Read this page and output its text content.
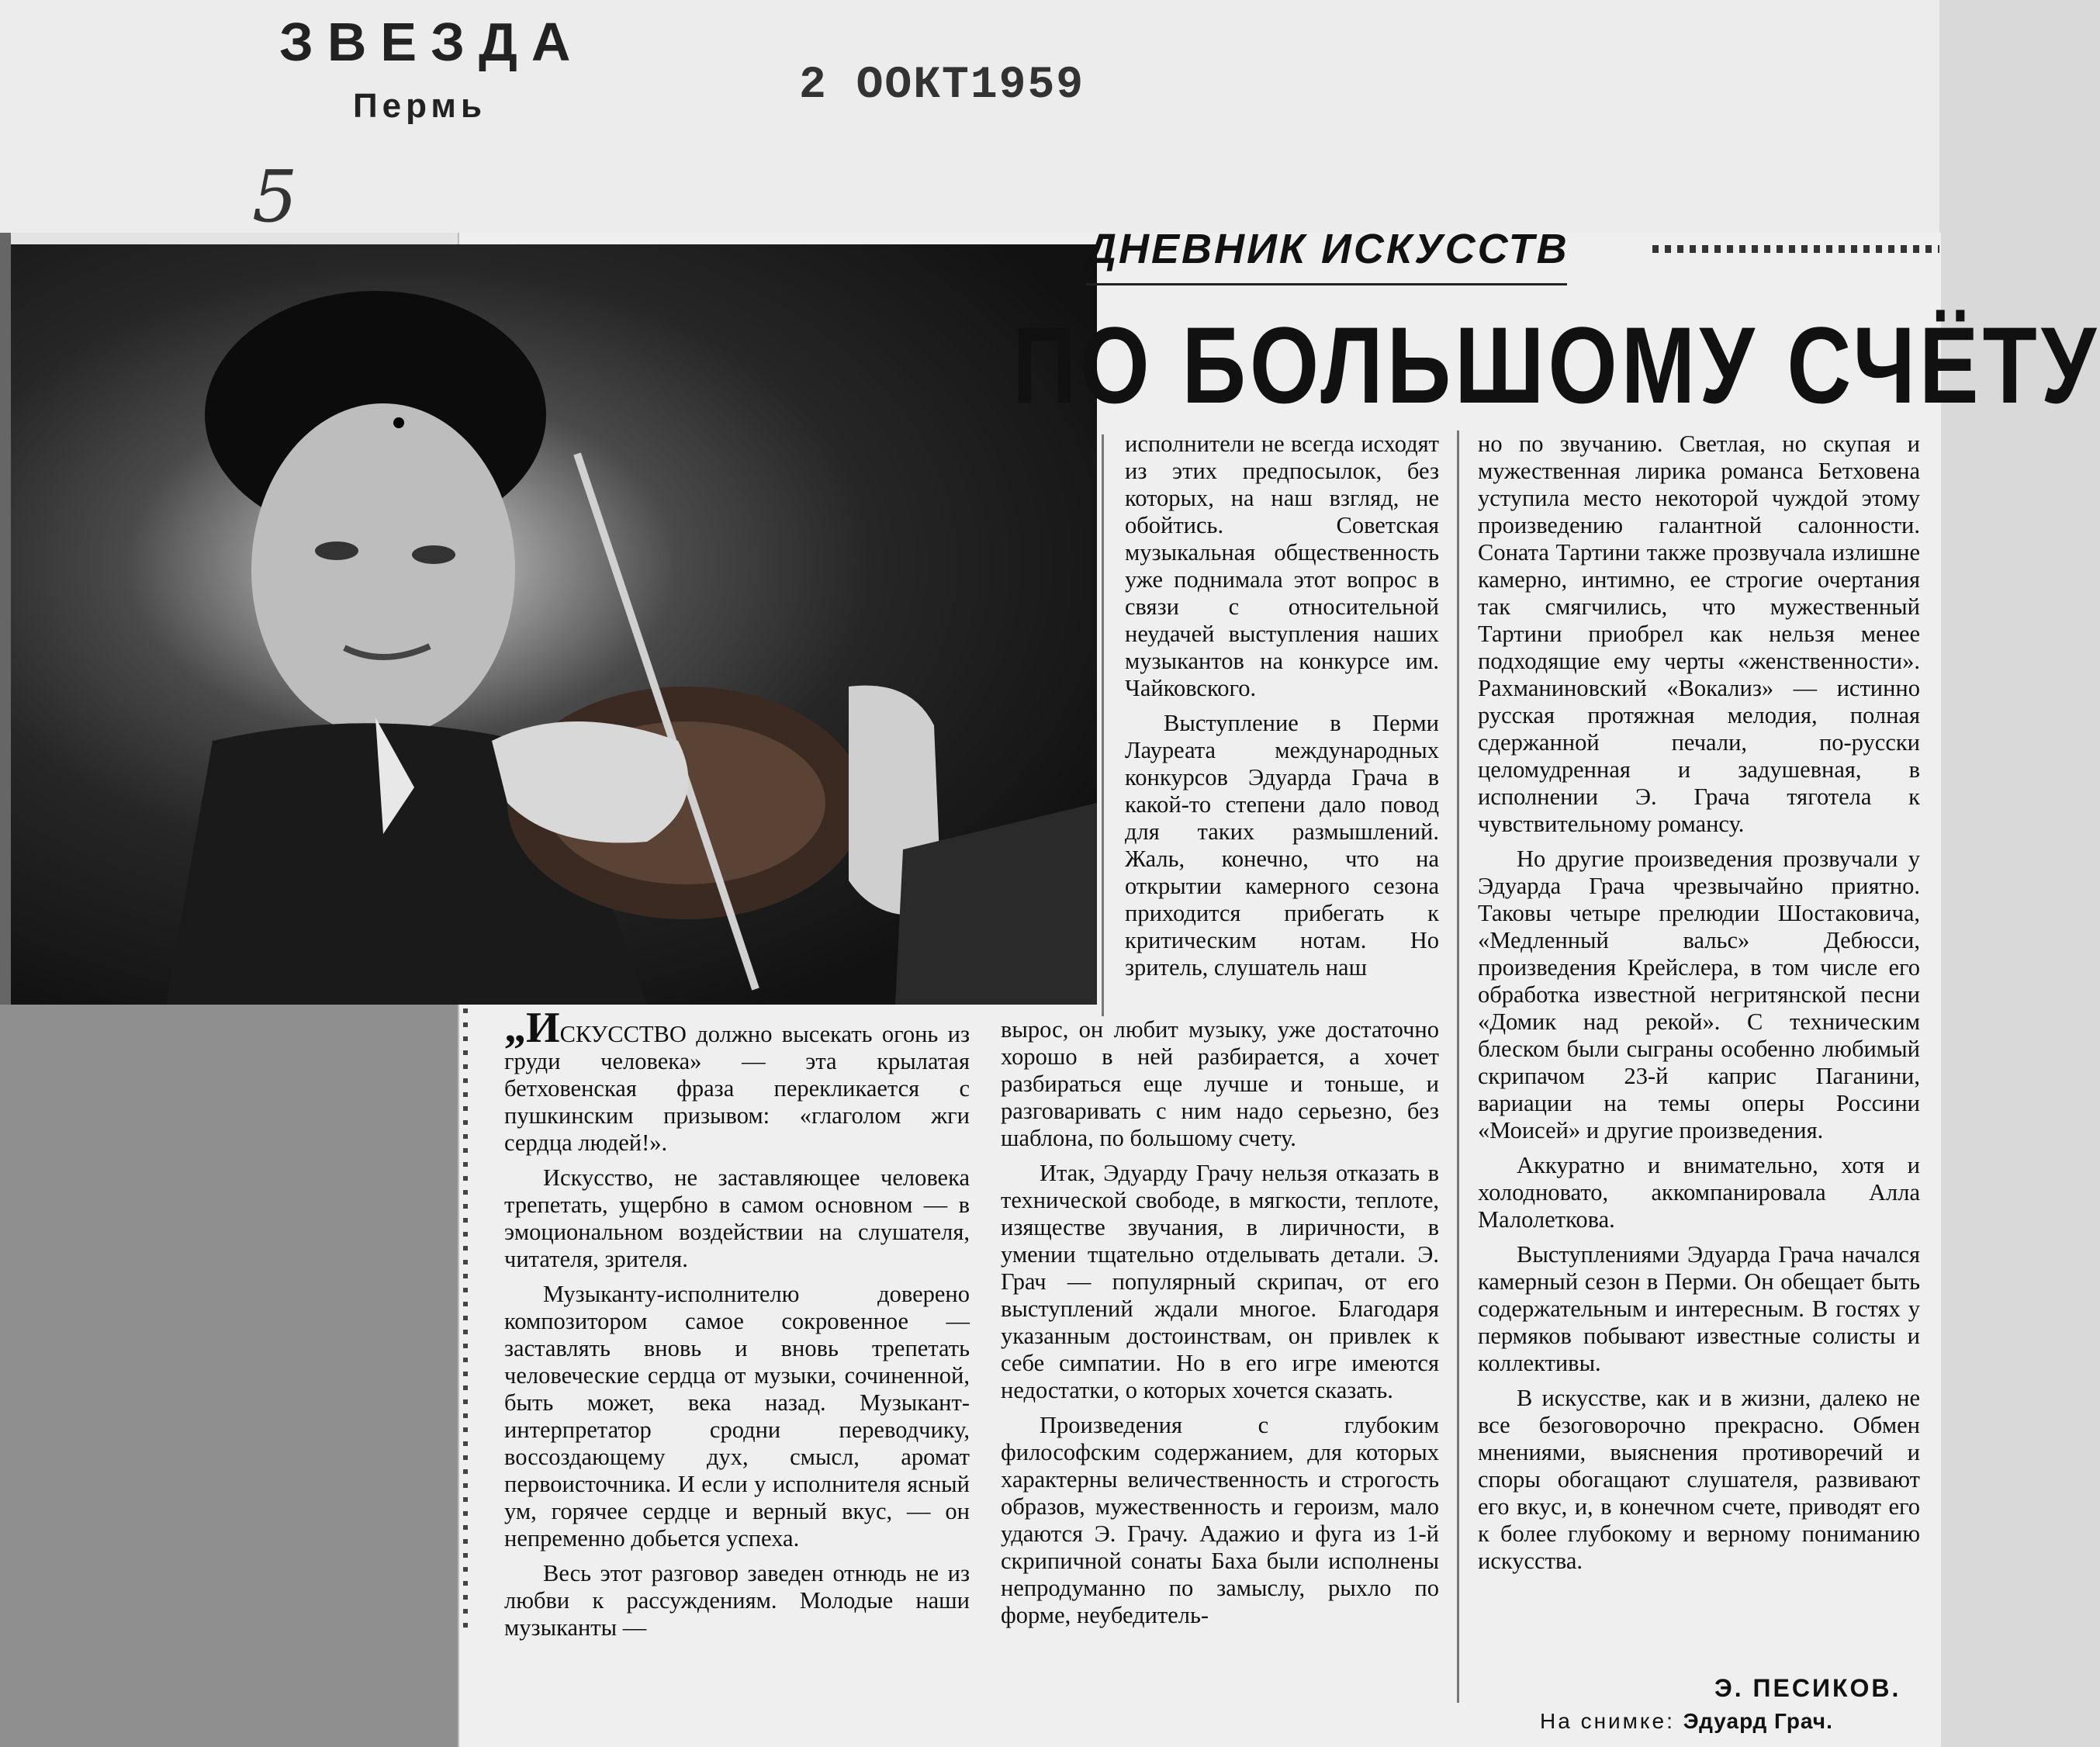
ЗВЕЗДА
Пермь	2 ООКТ1959
5
ДНЕВНИК ИСКУССТВ
ПО БОЛЬШОМУ СЧЁТУ

„ИСКУССТВО должно высекать огонь из груди человека» — эта крылатая бетховенская фраза перекликается с пушкинским призывом: «глаголом жги сердца людей!».

Искусство, не заставляющее человека трепетать, ущербно в самом основном — в эмоциональном воздействии на слушателя, читателя, зрителя.

Музыканту-исполнителю доверено композитором самое сокровенное — заставлять вновь и вновь трепетать человеческие сердца от музыки, сочиненной, быть может, века назад. Музыкант-интерпретатор сродни переводчику, воссоздающему дух, смысл, аромат первоисточника. И если у исполнителя ясный ум, горячее сердце и верный вкус, — он непременно добьется успеха.

Весь этот разговор заведен отнюдь не из любви к рассуждениям. Молодые наши музыканты —

исполнители не всегда исходят из этих предпосылок, без которых, на наш взгляд, не обойтись. Советская музыкальная общественность уже поднимала этот вопрос в связи с относительной неудачей выступления наших музыкантов на конкурсе им. Чайковского.

Выступление в Перми Лауреата международных конкурсов Эдуарда Грача в какой-то степени дало повод для таких размышлений. Жаль, конечно, что на открытии камерного сезона приходится прибегать к критическим нотам. Но зритель, слушатель наш

вырос, он любит музыку, уже достаточно хорошо в ней разбирается, а хочет разбираться еще лучше и тоньше, и разговаривать с ним надо серьезно, без шаблона, по большому счету.

Итак, Эдуарду Грачу нельзя отказать в технической свободе, в мягкости, теплоте, изяществе звучания, в лиричности, в умении тщательно отделывать детали. Э. Грач — популярный скрипач, от его выступлений ждали многое. Благодаря указанным достоинствам, он привлек к себе симпатии. Но в его игре имеются недостатки, о которых хочется сказать.

Произведения с глубоким философским содержанием, для которых характерны величественность и строгость образов, мужественность и героизм, мало удаются Э. Грачу. Адажио и фуга из 1-й скрипичной сонаты Баха были исполнены непродуманно по замыслу, рыхло по форме, неубедитель-

но по звучанию. Светлая, но скупая и мужественная лирика романса Бетховена уступила место некоторой чуждой этому произведению галантной салонности. Соната Тартини также прозвучала излишне камерно, интимно, ее строгие очертания так смягчились, что мужественный Тартини приобрел как нельзя менее подходящие ему черты «женственности». Рахманиновский «Вокализ» — истинно русская протяжная мелодия, полная сдержанной печали, по-русски целомудренная и задушевная, в исполнении Э. Грача тяготела к чувствительному романсу.

Но другие произведения прозвучали у Эдуарда Грача чрезвычайно приятно. Таковы четыре прелюдии Шостаковича, «Медленный вальс» Дебюсси, произведения Крейслера, в том числе его обработка известной негритянской песни «Домик над рекой». С техническим блеском были сыграны особенно любимый скрипачом 23-й каприс Паганини, вариации на темы оперы Россини «Моисей» и другие произведения.

Аккуратно и внимательно, хотя и холодновато, аккомпанировала Алла Малолеткова.

Выступлениями Эдуарда Грача начался камерный сезон в Перми. Он обещает быть содержательным и интересным. В гостях у пермяков побывают известные солисты и коллективы.

В искусстве, как и в жизни, далеко не все безоговорочно прекрасно. Обмен мнениями, выяснения противоречий и споры обогащают слушателя, развивают его вкус, и, в конечном счете, приводят его к более глубокому и верному пониманию искусства.

Э. ПЕСИКОВ.
На снимке: Эдуард Грач.
